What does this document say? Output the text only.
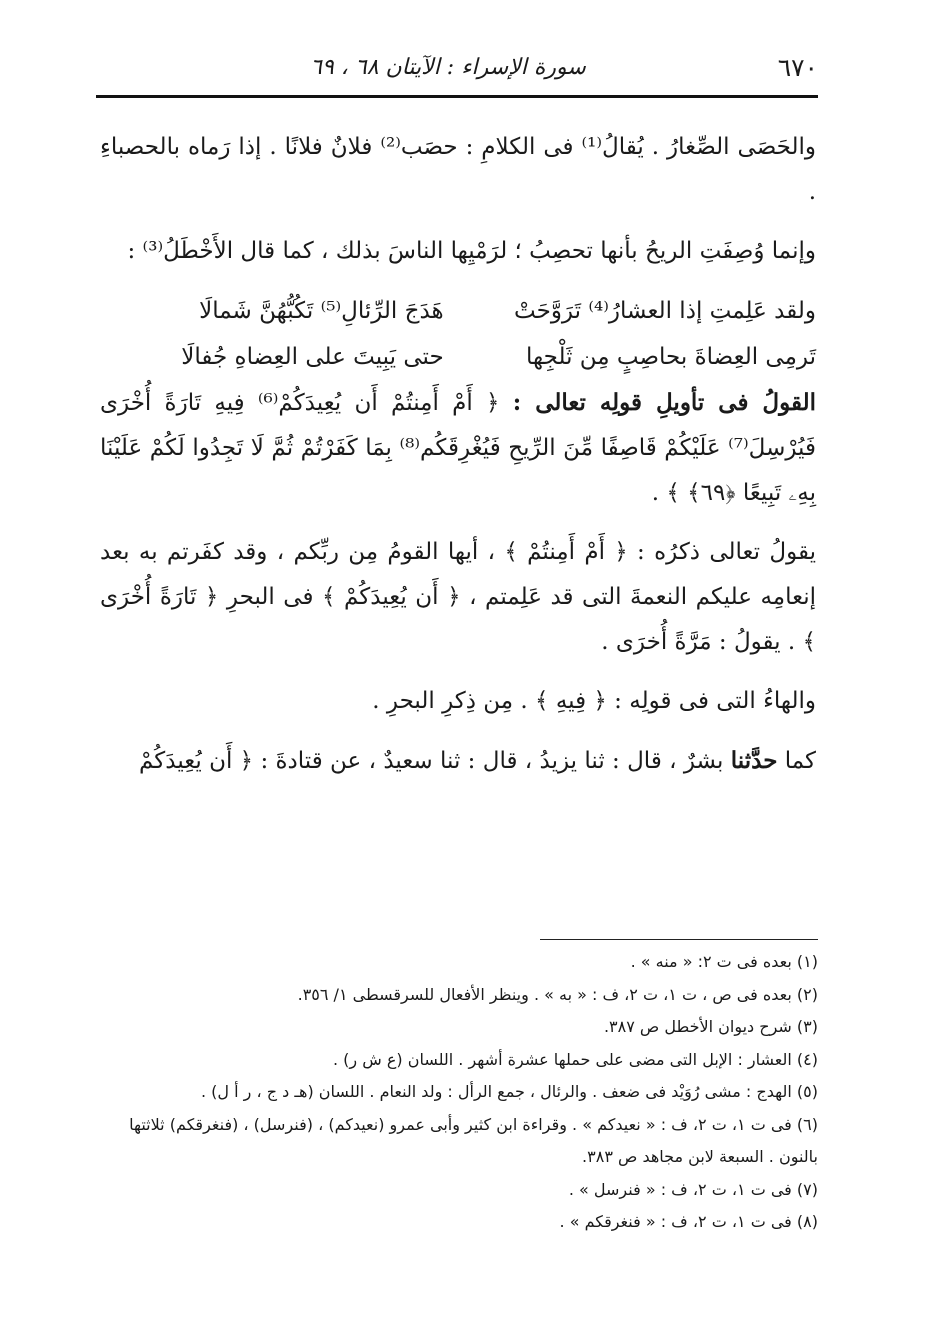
٦٧٠
سورة الإسراء : الآيتان ٦٨ ، ٦٩

والحَصَى الصِّغارُ . يُقالُ⁽¹⁾ فى الكلامِ : حصَب⁽²⁾ فلانٌ فلانًا . إذا رَماه بالحصباءِ .

وإنما وُصِفَتِ الريحُ بأنها تحصِبُ ؛ لرَمْيِها الناسَ بذلك ، كما قال الأَخْطَلُ⁽³⁾ :

ولقد عَلِمتِ إذا العشارُ⁽⁴⁾ تَرَوَّحَتْ
هَدَجَ الرِّئالِ⁽⁵⁾ تَكُبُّهُنَّ شَمالَا
تَرمِى العِضاةَ بحاصِبٍ مِن ثَلْجِها
حتى يَبِيتَ على العِضاهِ جُفالَا

القولُ فى تأويلِ قولِه تعالى : ﴿ أَمْ أَمِنتُمْ أَن يُعِيدَكُمْ⁽⁶⁾ فِيهِ تَارَةً أُخْرَى فَيُرْسِلَ⁽⁷⁾ عَلَيْكُمْ قَاصِفًا مِّنَ الرِّيحِ فَيُغْرِقَكُم⁽⁸⁾ بِمَا كَفَرْتُمْ ثُمَّ لَا تَجِدُوا لَكُمْ عَلَيْنَا بِهِۦ تَبِيعًا ﴿٦٩﴾ ﴾ .

يقولُ تعالى ذكرُه : ﴿ أَمْ أَمِنتُمْ ﴾ ، أيها القومُ مِن ربِّكم ، وقد كفَرتم به بعد إنعامِه عليكم النعمةَ التى قد عَلِمتم ، ﴿ أَن يُعِيدَكُمْ ﴾ فى البحرِ ﴿ تَارَةً أُخْرَى ﴾ . يقولُ : مَرَّةً أُخرَى .

والهاءُ التى فى قولِه : ﴿ فِيهِ ﴾ . مِن ذِكرِ البحرِ .

كما حدَّثنا بشرٌ ، قال : ثنا يزيدُ ، قال : ثنا سعيدٌ ، عن قتادةَ : ﴿ أَن يُعِيدَكُمْ

(١) بعده فى ت ٢: « منه » .
(٢) بعده فى ص ، ت ١، ت ٢، ف : « به » . وينظر الأفعال للسرقسطى ١/ ٣٥٦.
(٣) شرح ديوان الأخطل ص ٣٨٧.
(٤) العشار : الإبل التى مضى على حملها عشرة أشهر . اللسان (ع ش ر) .
(٥) الهدج : مشى رُوَيْد فى ضعف . والرئال ، جمع الرأل : ولد النعام . اللسان (هـ د ج ، ر أ ل) .
(٦) فى ت ١، ت ٢، ف : « نعيدكم » . وقراءة ابن كثير وأبى عمرو (نعيدكم) ، (فنرسل) ، (فنغرقكم) ثلاثتها بالنون . السبعة لابن مجاهد ص ٣٨٣.
(٧) فى ت ١، ت ٢، ف : « فنرسل » .
(٨) فى ت ١، ت ٢، ف : « فنغرقكم » .
